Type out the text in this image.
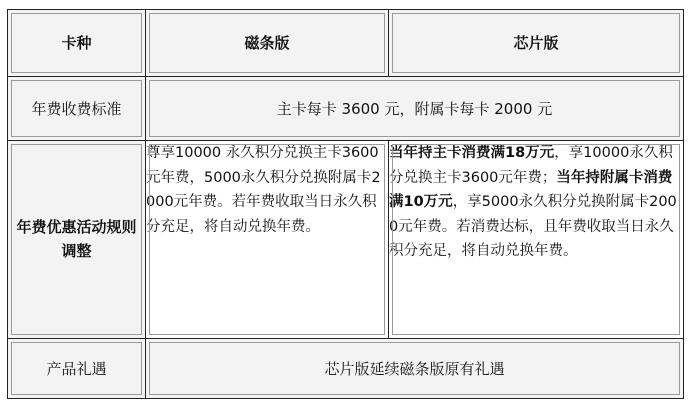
卡种	磁条版	芯片版

年费收费标准	主卡每卡 3600 元，附属卡每卡 2000 元	

年费优惠活动规则
调整	尊享10000 永久积分兑换主卡3600元年费，5000永久积分兑换附属卡2000元年费。若年费收取当日永久积分充足，将自动兑换年费。	当年持主卡消费满18万元，享10000永久积分兑换主卡3600元年费；当年持附属卡消费满10万元，享5000永久积分兑换附属卡2000元年费。若消费达标，且年费收取当日永久积分充足，将自动兑换年费。

产品礼遇	芯片版延续磁条版原有礼遇	
